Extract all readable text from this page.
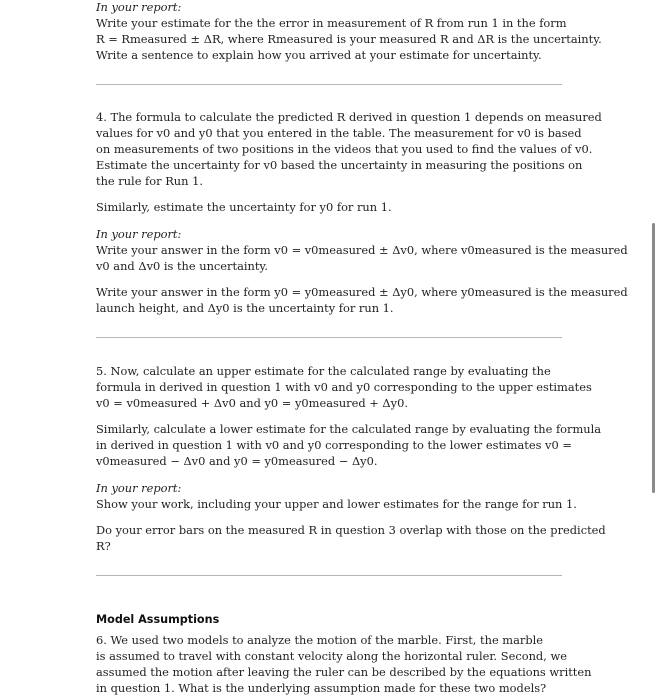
In your report:
Write your estimate for the the error in measurement of R from run 1 in the form
R = Rmeasured ± ΔR, where Rmeasured is your measured R and ΔR is the uncertainty.
Write a sentence to explain how you arrived at your estimate for uncertainty.

4. The formula to calculate the predicted R derived in question 1 depends on measured
values for v0 and y0 that you entered in the table. The measurement for v0 is based
on measurements of two positions in the videos that you used to find the values of v0.
Estimate the uncertainty for v0 based the uncertainty in measuring the positions on
the rule for Run 1.

Similarly, estimate the uncertainty for y0 for run 1.

In your report:
Write your answer in the form v0 = v0measured ± Δv0, where v0measured is the measured
v0 and Δv0 is the uncertainty.

Write your answer in the form y0 = y0measured ± Δy0, where y0measured is the measured
launch height, and Δy0 is the uncertainty for run 1.

5. Now, calculate an upper estimate for the calculated range by evaluating the
formula in derived in question 1 with v0 and y0 corresponding to the upper estimates
v0 = v0measured + Δv0 and y0 = y0measured + Δy0.

Similarly, calculate a lower estimate for the calculated range by evaluating the formula
in derived in question 1 with v0 and y0 corresponding to the lower estimates v0 =
v0measured − Δv0 and y0 = y0measured − Δy0.

In your report:
Show your work, including your upper and lower estimates for the range for run 1.

Do your error bars on the measured R in question 3 overlap with those on the predicted
R?

Model Assumptions

6. We used two models to analyze the motion of the marble. First, the marble
is assumed to travel with constant velocity along the horizontal ruler. Second, we
assumed the motion after leaving the ruler can be described by the equations written
in question 1. What is the underlying assumption made for these two models?
